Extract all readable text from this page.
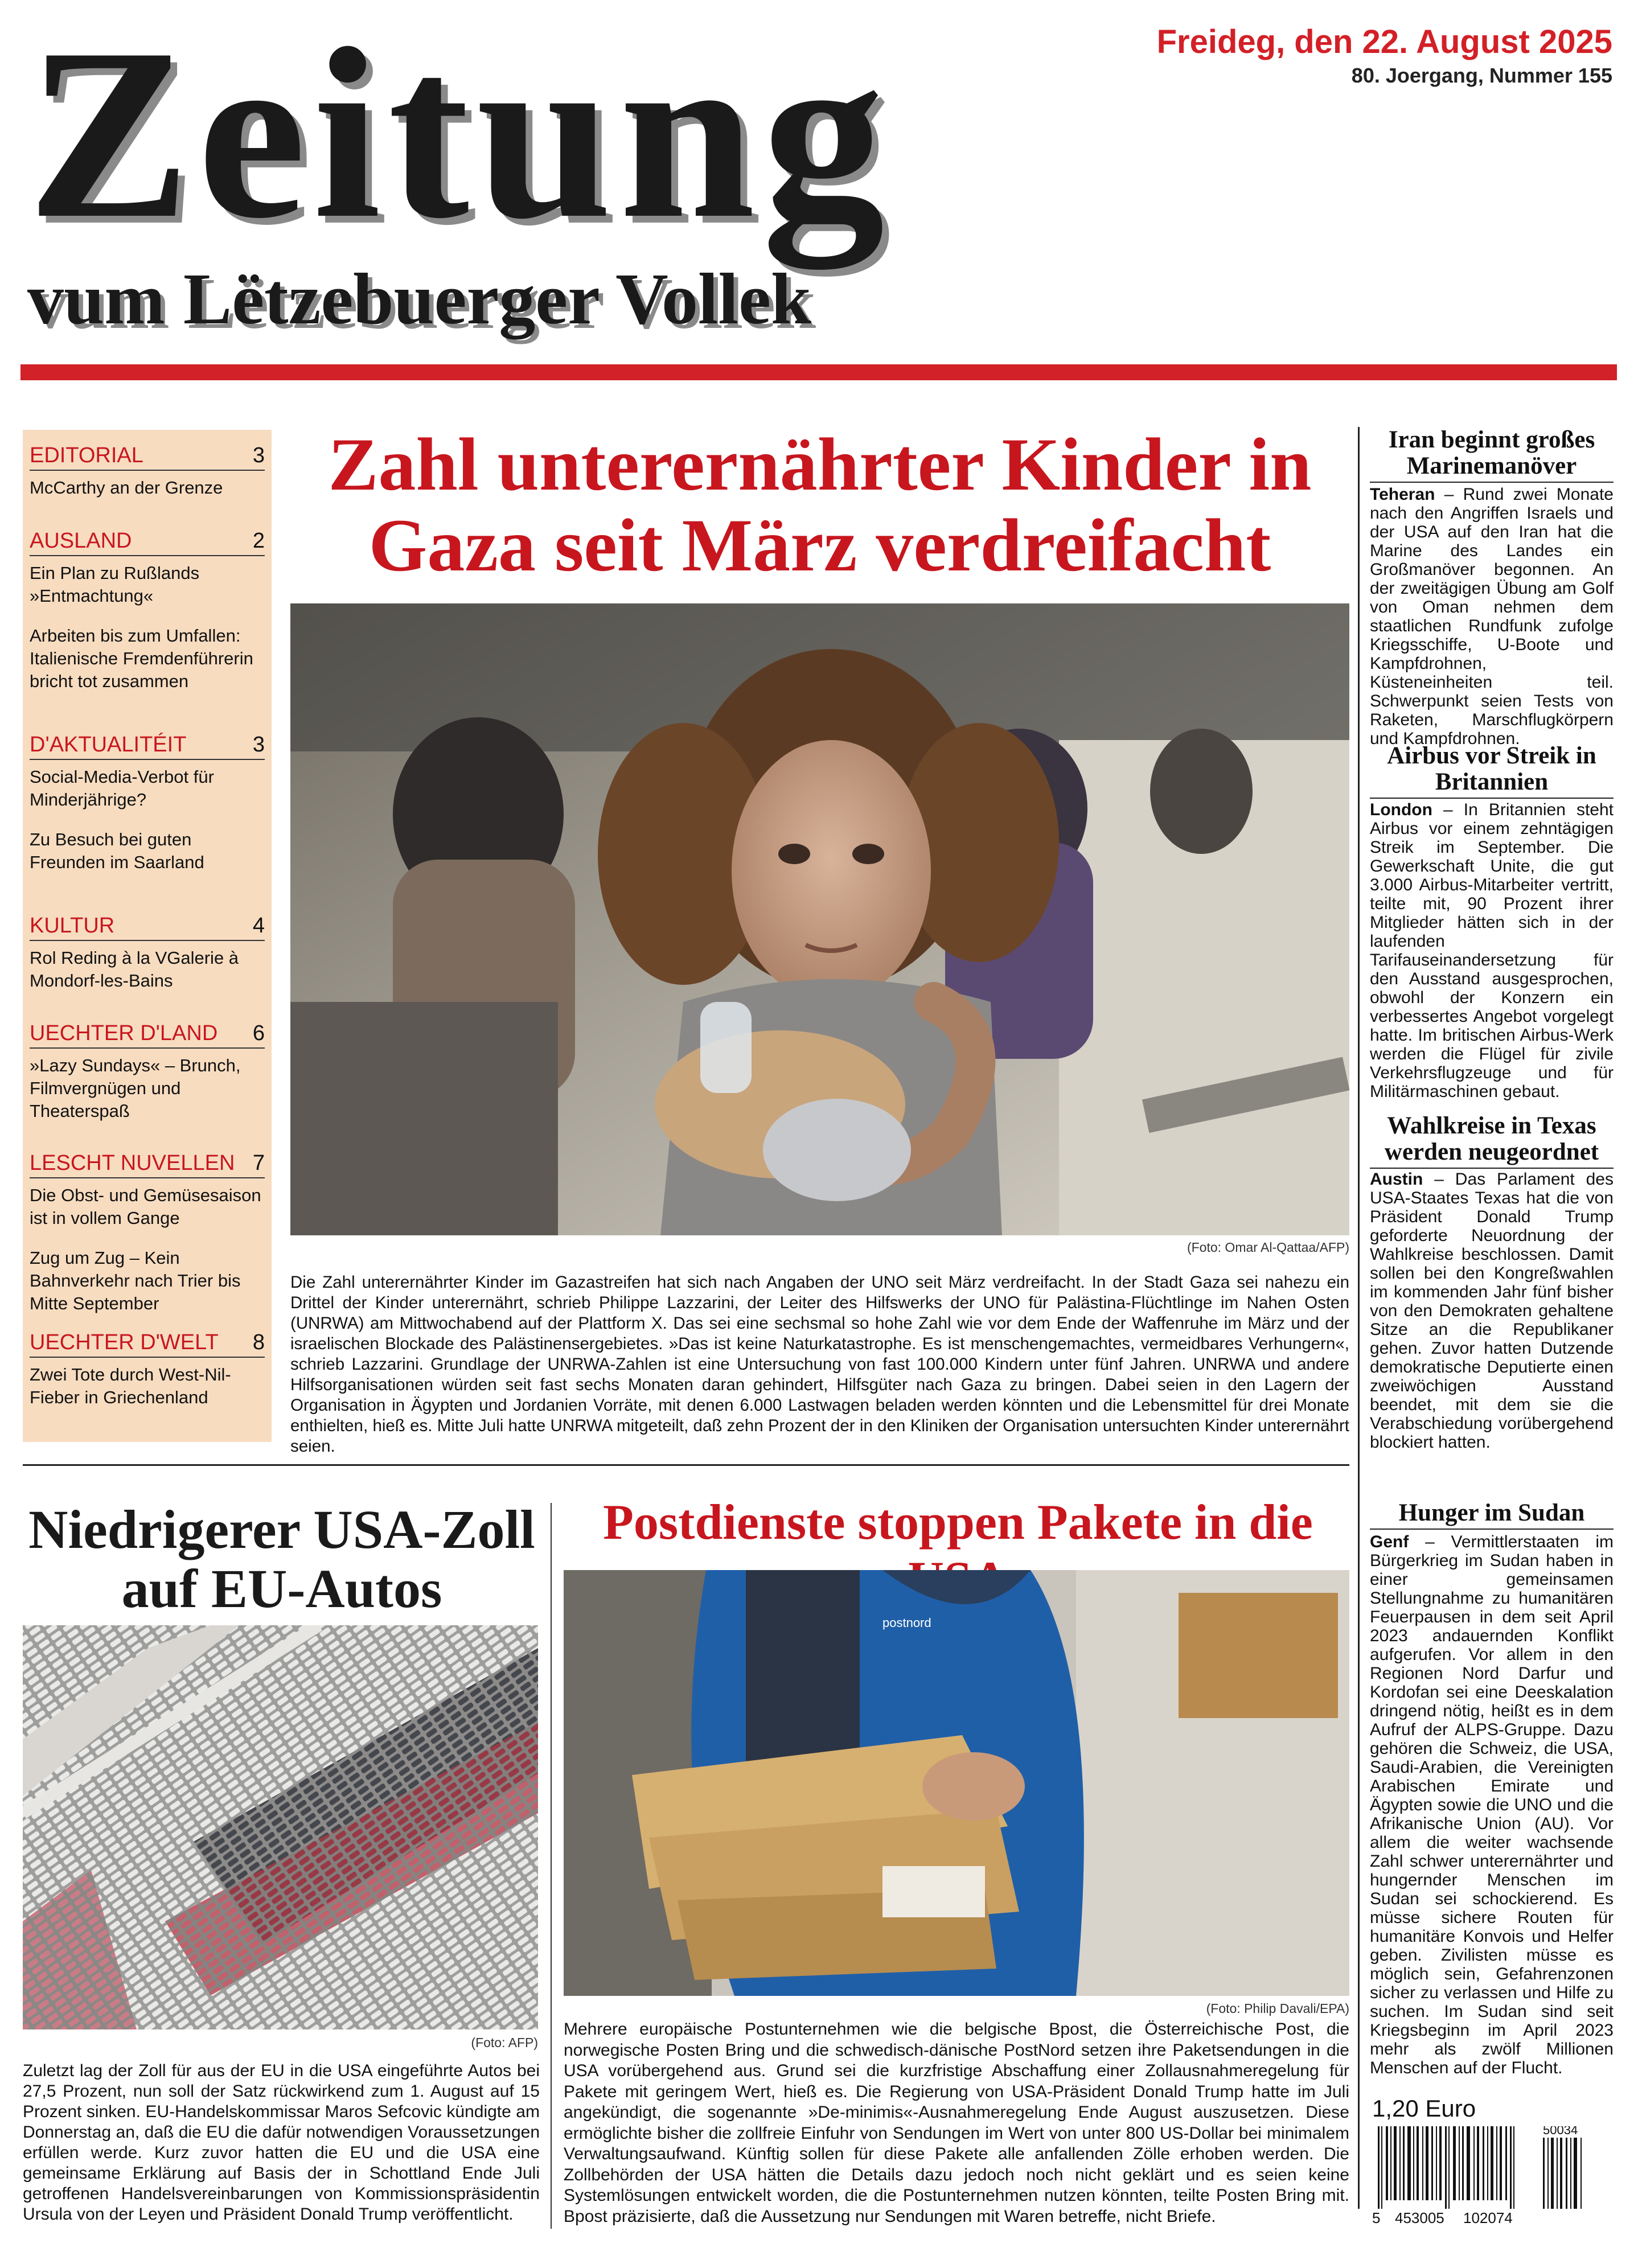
Zeitung
vum Lëtzebuerger Vollek
Freideg, den 22. August 2025
80. Joergang, Nummer 155
EDITORIAL	3
McCarthy an der Grenze
AUSLAND	2
Ein Plan zu Rußlands »Entmachtung«
Arbeiten bis zum Umfallen: Italienische Fremdenführerin bricht tot zusammen
D'AKTUALITÉIT	3
Social-Media-Verbot für Minderjährige?
Zu Besuch bei guten Freunden im Saarland
KULTUR	4
Rol Reding à la VGalerie à Mondorf-les-Bains
UECHTER D'LAND 6
»Lazy Sundays« – Brunch, Filmvergnügen und Theaterspaß
LESCHT NUVELLEN 7
Die Obst- und Gemüsesaison ist in vollem Gange
Zug um Zug – Kein Bahnverkehr nach Trier bis Mitte September
UECHTER D'WELT 8
Zwei Tote durch West-Nil-Fieber in Griechenland
Zahl unterernährter Kinder in Gaza seit März verdreifacht
(Foto: Omar Al-Qattaa/AFP)
Die Zahl unterernährter Kinder im Gazastreifen hat sich nach Angaben der UNO seit März verdreifacht. In der Stadt Gaza sei nahezu ein Drittel der Kinder unterernährt, schrieb Philippe Lazzarini, der Leiter des Hilfswerks der UNO für Palästina-Flüchtlinge im Nahen Osten (UNRWA) am Mittwochabend auf der Plattform X. Das sei eine sechsmal so hohe Zahl wie vor dem Ende der Waffenruhe im März und der israelischen Blockade des Palästinensergebietes. »Das ist keine Naturkatastrophe. Es ist menschengemachtes, vermeidbares Verhungern«, schrieb Lazzarini. Grundlage der UNRWA-Zahlen ist eine Untersuchung von fast 100.000 Kindern unter fünf Jahren. UNRWA und andere Hilfsorganisationen würden seit fast sechs Monaten daran gehindert, Hilfsgüter nach Gaza zu bringen. Dabei seien in den Lagern der Organisation in Ägypten und Jordanien Vorräte, mit denen 6.000 Lastwagen beladen werden könnten und die Lebensmittel für drei Monate enthielten, hieß es. Mitte Juli hatte UNRWA mitgeteilt, daß zehn Prozent der in den Kliniken der Organisation untersuchten Kinder unterernährt seien.
Iran beginnt großes Marinemanöver
Teheran – Rund zwei Monate nach den Angriffen Israels und der USA auf den Iran hat die Marine des Landes ein Großmanöver begonnen. An der zweitägigen Übung am Golf von Oman nehmen dem staatlichen Rundfunk zufolge Kriegsschiffe, U-Boote und Kampfdrohnen, Küsteneinheiten teil. Schwerpunkt seien Tests von Raketen, Marschflugkörpern und Kampfdrohnen.
Airbus vor Streik in Britannien
London – In Britannien steht Airbus vor einem zehntägigen Streik im September. Die Gewerkschaft Unite, die gut 3.000 Airbus-Mitarbeiter vertritt, teilte mit, 90 Prozent ihrer Mitglieder hätten sich in der laufenden Tarifauseinandersetzung für den Ausstand ausgesprochen, obwohl der Konzern ein verbessertes Angebot vorgelegt hatte. Im britischen Airbus-Werk werden die Flügel für zivile Verkehrsflugzeuge und für Militärmaschinen gebaut.
Wahlkreise in Texas werden neugeordnet
Austin – Das Parlament des USA-Staates Texas hat die von Präsident Donald Trump geforderte Neuordnung der Wahlkreise beschlossen. Damit sollen bei den Kongreßwahlen im kommenden Jahr fünf bisher von den Demokraten gehaltene Sitze an die Republikaner gehen. Zuvor hatten Dutzende demokratische Deputierte einen zweiwöchigen Ausstand beendet, mit dem sie die Verabschiedung vorübergehend blockiert hatten.
Hunger im Sudan
Genf – Vermittlerstaaten im Bürgerkrieg im Sudan haben in einer gemeinsamen Stellungnahme zu humanitären Feuerpausen in dem seit April 2023 andauernden Konflikt aufgerufen. Vor allem in den Regionen Nord Darfur und Kordofan sei eine Deeskalation dringend nötig, heißt es in dem Aufruf der ALPS-Gruppe. Dazu gehören die Schweiz, die USA, Saudi-Arabien, die Vereinigten Arabischen Emirate und Ägypten sowie die UNO und die Afrikanische Union (AU). Vor allem die weiter wachsende Zahl schwer unterernährter und hungernder Menschen im Sudan sei schockierend. Es müsse sichere Routen für humanitäre Konvois und Helfer geben. Zivilisten müsse es möglich sein, Gefahrenzonen sicher zu verlassen und Hilfe zu suchen. Im Sudan sind seit Kriegsbeginn im April 2023 mehr als zwölf Millionen Menschen auf der Flucht.
1,20 Euro
5 453005 102074
50034
Niedrigerer USA-Zoll auf EU-Autos
(Foto: AFP)
Zuletzt lag der Zoll für aus der EU in die USA eingeführte Autos bei 27,5 Prozent, nun soll der Satz rückwirkend zum 1. August auf 15 Prozent sinken. EU-Handelskommissar Maros Sefcovic kündigte am Donnerstag an, daß die EU die dafür notwendigen Voraussetzungen erfüllen werde. Kurz zuvor hatten die EU und die USA eine gemeinsame Erklärung auf Basis der in Schottland Ende Juli getroffenen Handelsvereinbarungen von Kommissionspräsidentin Ursula von der Leyen und Präsident Donald Trump veröffentlicht.
Postdienste stoppen Pakete in die
postnord
(Foto: Philip Davali/EPA)
Mehrere europäische Postunternehmen wie die belgische Bpost, die Österreichische Post, die norwegische Posten Bring und die schwedisch-dänische PostNord setzen ihre Paketsendungen in die USA vorübergehend aus. Grund sei die kurzfristige Abschaffung einer Zollausnahmeregelung für Pakete mit geringem Wert, hieß es. Die Regierung von USA-Präsident Donald Trump hatte im Juli angekündigt, die sogenannte »De-minimis«-Ausnahmeregelung Ende August auszusetzen. Diese ermöglichte bisher die zollfreie Einfuhr von Sendungen im Wert von unter 800 US-Dollar bei minimalem Verwaltungsaufwand. Künftig sollen für diese Pakete alle anfallenden Zölle erhoben werden. Die Zollbehörden der USA hätten die Details dazu jedoch noch nicht geklärt und es seien keine Systemlösungen entwickelt worden, die die Postunternehmen nutzen könnten, teilte Posten Bring mit. Bpost präzisierte, daß die Aussetzung nur Sendungen mit Waren betreffe, nicht Briefe.
